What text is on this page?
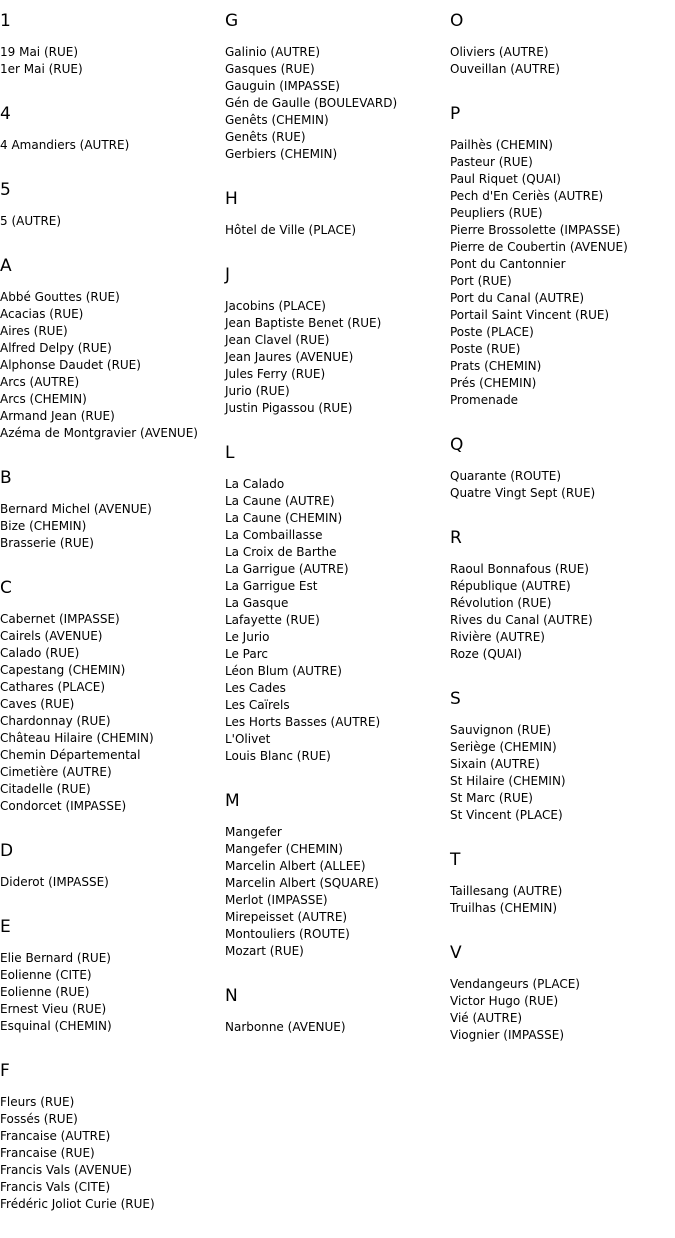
1
19 Mai (RUE)
1er Mai (RUE)
4
4 Amandiers (AUTRE)
5
5 (AUTRE)
A
Abbé Gouttes (RUE)
Acacias (RUE)
Aires (RUE)
Alfred Delpy (RUE)
Alphonse Daudet (RUE)
Arcs (AUTRE)
Arcs (CHEMIN)
Armand Jean (RUE)
Azéma de Montgravier (AVENUE)
B
Bernard Michel (AVENUE)
Bize (CHEMIN)
Brasserie (RUE)
C
Cabernet (IMPASSE)
Cairels (AVENUE)
Calado (RUE)
Capestang (CHEMIN)
Cathares (PLACE)
Caves (RUE)
Chardonnay (RUE)
Château Hilaire (CHEMIN)
Chemin Départemental
Cimetière (AUTRE)
Citadelle (RUE)
Condorcet (IMPASSE)
D
Diderot (IMPASSE)
E
Elie Bernard (RUE)
Eolienne (CITE)
Eolienne (RUE)
Ernest Vieu (RUE)
Esquinal (CHEMIN)
F
Fleurs (RUE)
Fossés (RUE)
Francaise (AUTRE)
Francaise (RUE)
Francis Vals (AVENUE)
Francis Vals (CITE)
Frédéric Joliot Curie (RUE)
G
Galinio (AUTRE)
Gasques (RUE)
Gauguin (IMPASSE)
Gén de Gaulle (BOULEVARD)
Genêts (CHEMIN)
Genêts (RUE)
Gerbiers (CHEMIN)
H
Hôtel de Ville (PLACE)
J
Jacobins (PLACE)
Jean Baptiste Benet (RUE)
Jean Clavel (RUE)
Jean Jaures (AVENUE)
Jules Ferry (RUE)
Jurio (RUE)
Justin Pigassou (RUE)
L
La Calado
La Caune (AUTRE)
La Caune (CHEMIN)
La Combaillasse
La Croix de Barthe
La Garrigue (AUTRE)
La Garrigue Est
La Gasque
Lafayette (RUE)
Le Jurio
Le Parc
Léon Blum (AUTRE)
Les Cades
Les Caïrels
Les Horts Basses (AUTRE)
L'Olivet
Louis Blanc (RUE)
M
Mangefer
Mangefer (CHEMIN)
Marcelin Albert (ALLEE)
Marcelin Albert (SQUARE)
Merlot (IMPASSE)
Mirepeisset (AUTRE)
Montouliers (ROUTE)
Mozart (RUE)
N
Narbonne (AVENUE)
O
Oliviers (AUTRE)
Ouveillan (AUTRE)
P
Pailhès (CHEMIN)
Pasteur (RUE)
Paul Riquet (QUAI)
Pech d'En Ceriès (AUTRE)
Peupliers (RUE)
Pierre Brossolette (IMPASSE)
Pierre de Coubertin (AVENUE)
Pont du Cantonnier
Port (RUE)
Port du Canal (AUTRE)
Portail Saint Vincent (RUE)
Poste (PLACE)
Poste (RUE)
Prats (CHEMIN)
Prés (CHEMIN)
Promenade
Q
Quarante (ROUTE)
Quatre Vingt Sept (RUE)
R
Raoul Bonnafous (RUE)
République (AUTRE)
Révolution (RUE)
Rives du Canal (AUTRE)
Rivière (AUTRE)
Roze (QUAI)
S
Sauvignon (RUE)
Seriège (CHEMIN)
Sixain (AUTRE)
St Hilaire (CHEMIN)
St Marc (RUE)
St Vincent (PLACE)
T
Taillesang (AUTRE)
Truilhas (CHEMIN)
V
Vendangeurs (PLACE)
Victor Hugo (RUE)
Vié (AUTRE)
Viognier (IMPASSE)
